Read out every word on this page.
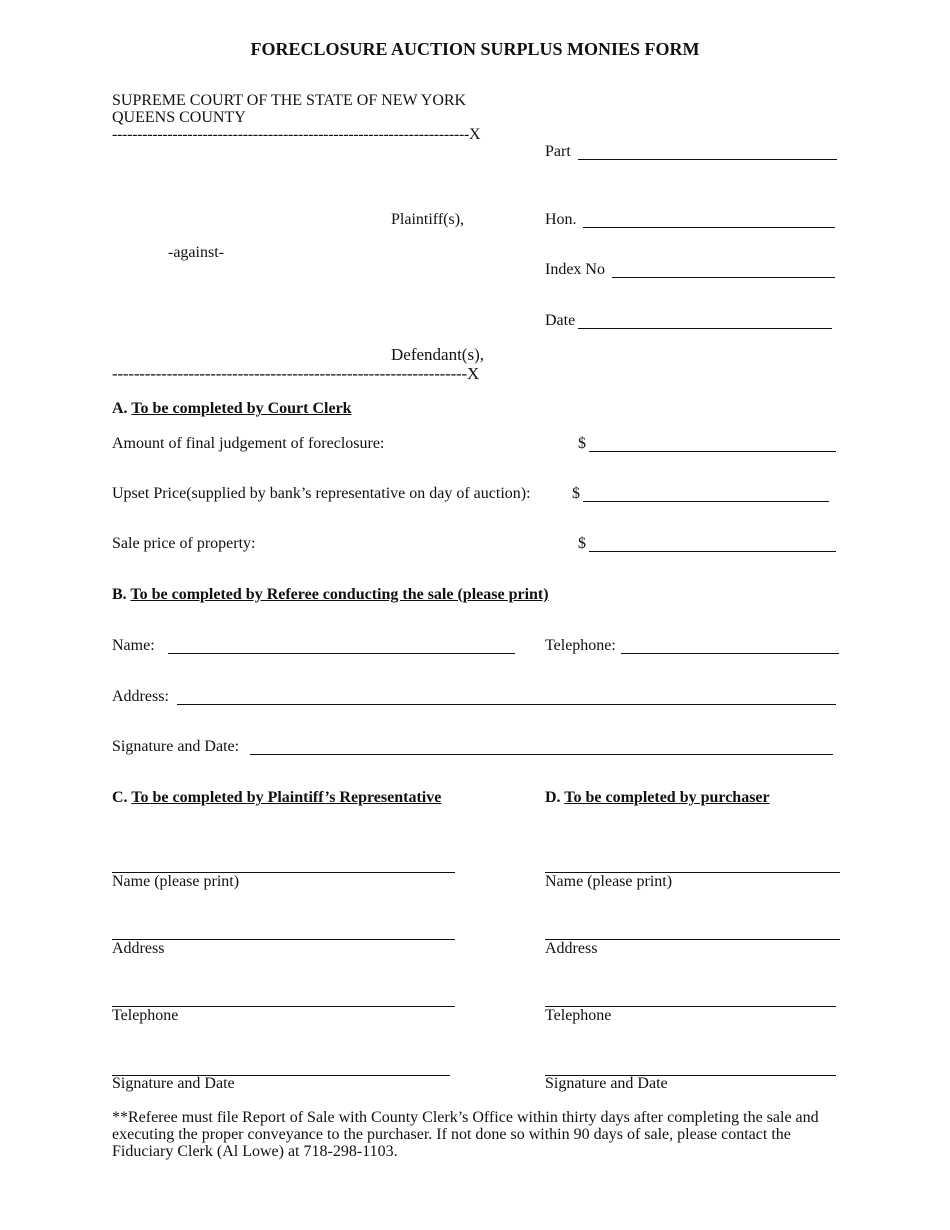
FORECLOSURE AUCTION SURPLUS MONIES FORM
SUPREME COURT OF THE STATE OF NEW YORK
QUEENS COUNTY
-----------------------------------------------------------------------X
Plaintiff(s),
-against-
Defendant(s),
-----------------------------------------------------------------X
Part
Hon.
Index No
Date
A. To be completed by Court Clerk
Amount of final judgement of foreclosure:	$
Upset Price(supplied by bank’s representative on day of auction):	$
Sale price of property:	$
B. To be completed by Referee conducting the sale (please print)
Name:	Telephone:
Address:
Signature and Date:
C. To be completed by Plaintiff’s Representative
Name (please print)
Address
Telephone
Signature and Date
D. To be completed by purchaser
Name (please print)
Address
Telephone
Signature and Date
**Referee must file Report of Sale with County Clerk’s Office within thirty days after completing the sale and executing the proper conveyance to the purchaser. If not done so within 90 days of sale, please contact the Fiduciary Clerk (Al Lowe) at 718-298-1103.
